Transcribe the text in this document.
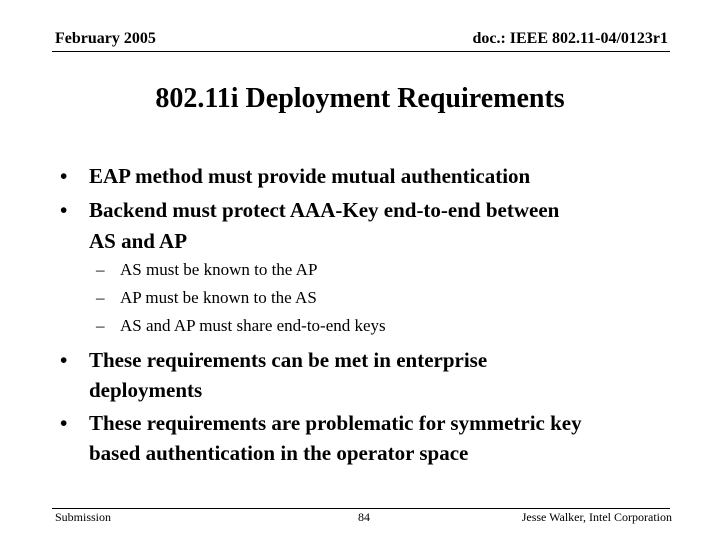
February 2005	doc.: IEEE 802.11-04/0123r1
802.11i Deployment Requirements
• EAP method must provide mutual authentication
• Backend must protect AAA-Key end-to-end between
AS and AP
– AS must be known to the AP
– AP must be known to the AS
– AS and AP must share end-to-end keys
• These requirements can be met in enterprise
deployments
• These requirements are problematic for symmetric key
based authentication in the operator space
Submission	84	Jesse Walker, Intel Corporation
